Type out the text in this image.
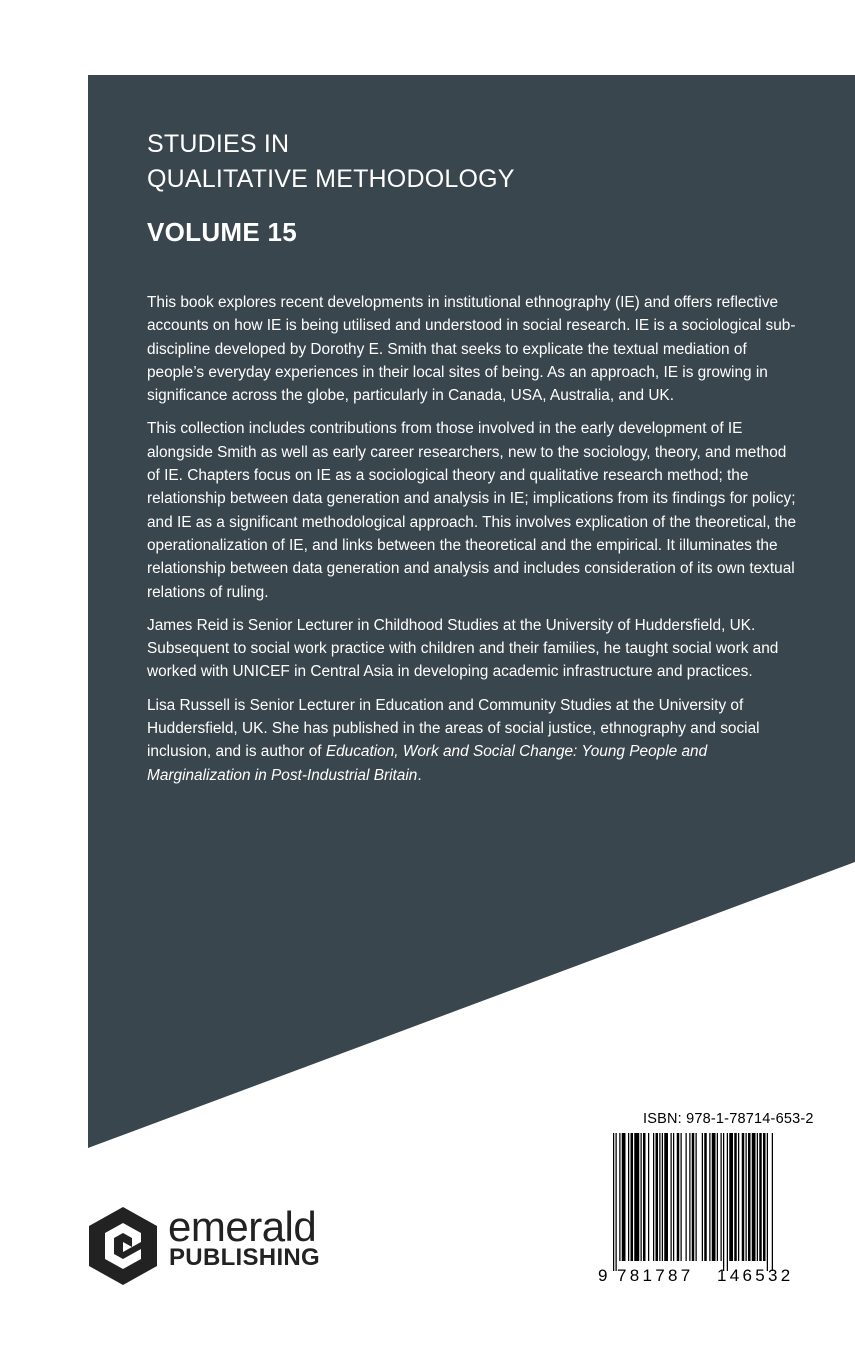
STUDIES IN
QUALITATIVE METHODOLOGY
VOLUME 15

This book explores recent developments in institutional ethnography (IE) and offers reflective accounts on how IE is being utilised and understood in social research. IE is a sociological sub-discipline developed by Dorothy E. Smith that seeks to explicate the textual mediation of people’s everyday experiences in their local sites of being. As an approach, IE is growing in significance across the globe, particularly in Canada, USA, Australia, and UK.

This collection includes contributions from those involved in the early development of IE alongside Smith as well as early career researchers, new to the sociology, theory, and method of IE. Chapters focus on IE as a sociological theory and qualitative research method; the relationship between data generation and analysis in IE; implications from its findings for policy; and IE as a significant methodological approach. This involves explication of the theoretical, the operationalization of IE, and links between the theoretical and the empirical. It illuminates the relationship between data generation and analysis and includes consideration of its own textual relations of ruling.

James Reid is Senior Lecturer in Childhood Studies at the University of Huddersfield, UK. Subsequent to social work practice with children and their families, he taught social work and worked with UNICEF in Central Asia in developing academic infrastructure and practices.

Lisa Russell is Senior Lecturer in Education and Community Studies at the University of Huddersfield, UK. She has published in the areas of social justice, ethnography and social inclusion, and is author of Education, Work and Social Change: Young People and Marginalization in Post-Industrial Britain.

ISBN: 978-1-78714-653-2
9 781787 146532
emerald
PUBLISHING
